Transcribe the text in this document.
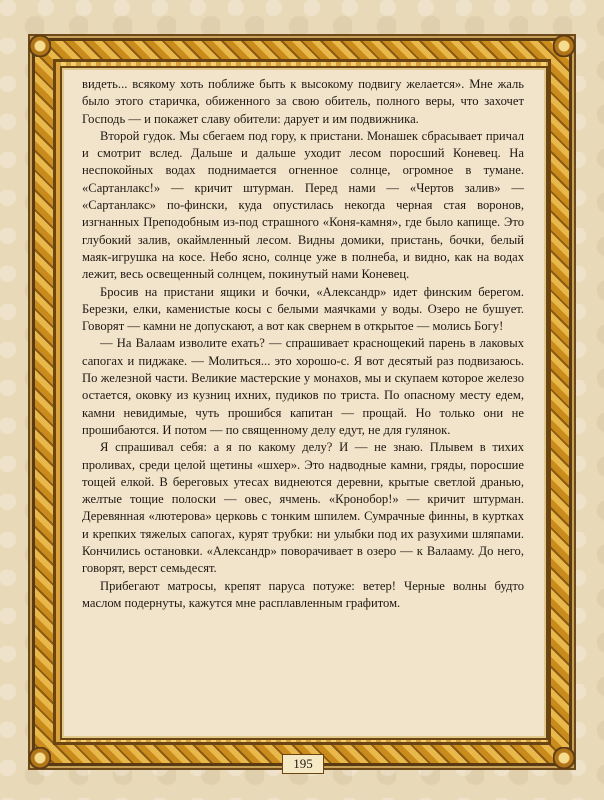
видеть... всякому хоть поближе быть к высокому подвигу желается». Мне жаль было этого старичка, обиженного за свою обитель, полного веры, что захочет Господь — и покажет славу обители: дарует и им подвижника.

Второй гудок. Мы сбегаем под гору, к пристани. Монашек сбрасывает причал и смотрит вслед. Дальше и дальше уходит лесом поросший Коневец. На неспокойных водах поднимается огненное солнце, огромное в тумане. «Сартанлакс!» — кричит штурман. Перед нами — «Чертов залив» — «Сартанлакс» по-фински, куда опустилась некогда черная стая воронов, изгнанных Преподобным из-под страшного «Коня-камня», где было капище. Это глубокий залив, окаймленный лесом. Видны домики, пристань, бочки, белый маяк-игрушка на косе. Небо ясно, солнце уже в полнеба, и видно, как на водах лежит, весь освещенный солнцем, покинутый нами Коневец.

Бросив на пристани ящики и бочки, «Александр» идет финским берегом. Березки, елки, каменистые косы с белыми маячками у воды. Озеро не бушует. Говорят — камни не допускают, а вот как свернем в открытое — молись Богу!

— На Валаам изволите ехать? — спрашивает краснощекий парень в лаковых сапогах и пиджаке. — Молиться... это хорошо-с. Я вот десятый раз подвизаюсь. По железной части. Великие мастерские у монахов, мы и скупаем которое железо остается, оковку из кузниц ихних, пудиков по триста. По опасному месту едем, камни невидимые, чуть прошибся капитан — прощай. Но только они не прошибаются. И потом — по священному делу едут, не для гулянок.

Я спрашивал себя: а я по какому делу? И — не знаю. Плывем в тихих проливах, среди целой щетины «шхер». Это надводные камни, гряды, поросшие тощей елкой. В береговых утесах виднеются деревни, крытые светлой дранью, желтые тощие полоски — овес, ячмень. «Кронобор!» — кричит штурман. Деревянная «лютерова» церковь с тонким шпилем. Сумрачные финны, в куртках и крепких тяжелых сапогах, курят трубки: ни улыбки под их разухими шляпами. Кончились остановки. «Александр» поворачивает в озеро — к Валааму. До него, говорят, верст семьдесят.

Прибегают матросы, крепят паруса потуже: ветер! Черные волны будто маслом подернуты, кажутся мне расплавленным графитом.

195
